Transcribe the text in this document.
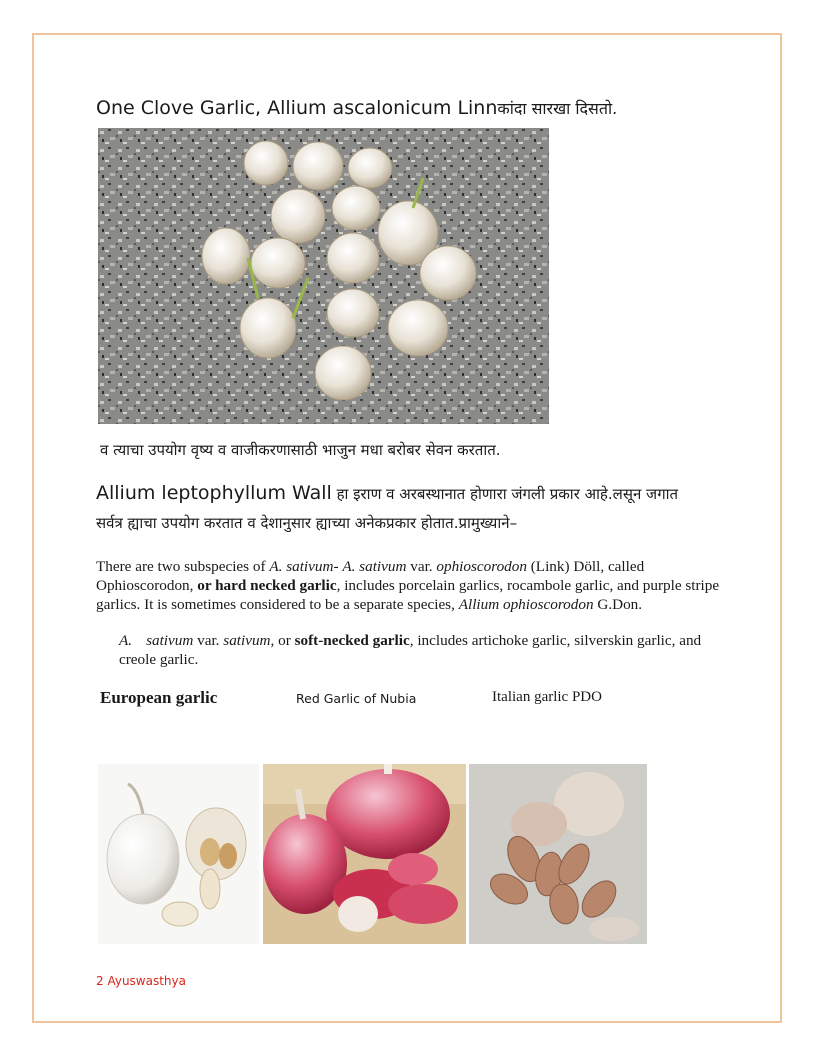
One Clove Garlic, Allium ascalonicum Linnकांदा सारखा दिसतो.
व त्याचा उपयोग वृष्य व वाजीकरणासाठी भाजुन मधा बरोबर सेवन करतात.
Allium leptophyllum Wall हा इराण व अरबस्थानात होणारा जंगली प्रकार आहे.लसून जगात
सर्वत्र ह्याचा उपयोग करतात व देशानुसार ह्याच्या अनेकप्रकार होतात.प्रामुख्याने–
There are two subspecies of A. sativum- A. sativum var. ophioscorodon (Link) Döll, called Ophioscorodon, or hard necked garlic, includes porcelain garlics, rocambole garlic, and purple stripe garlics. It is sometimes considered to be a separate species, Allium ophioscorodon G.Don.
A. sativum var. sativum, or soft-necked garlic, includes artichoke garlic, silverskin garlic, and creole garlic.
European garlic	Red Garlic of Nubia	Italian garlic PDO
2 Ayuswasthya
